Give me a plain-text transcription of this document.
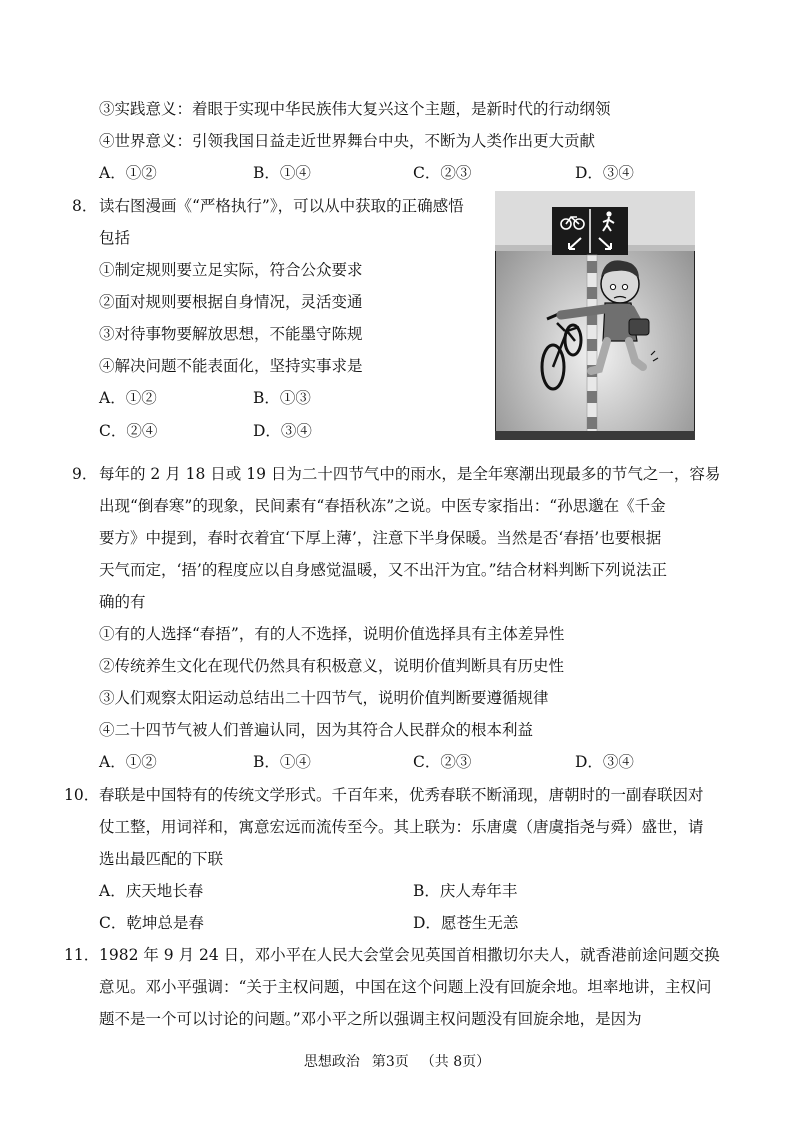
③实践意义：着眼于实现中华民族伟大复兴这个主题，是新时代的行动纲领
④世界意义：引领我国日益走近世界舞台中央，不断为人类作出更大贡献
A．①②	B．①④	C．②③	D．③④
8． 读右图漫画《“严格执行”》，可以从中获取的正确感悟
包括
①制定规则要立足实际，符合公众要求
②面对规则要根据自身情况，灵活变通
③对待事物要解放思想，不能墨守陈规
④解决问题不能表面化，坚持实事求是
A．①②	B．①③
C．②④	D．③④
9． 每年的 2 月 18 日或 19 日为二十四节气中的雨水，是全年寒潮出现最多的节气之一，容易
出现“倒春寒”的现象，民间素有“春捂秋冻”之说。中医专家指出：“孙思邈在《千金
要方》中提到，春时衣着宜‘下厚上薄’，注意下半身保暖。当然是否‘春捂’也要根据
天气而定，‘捂’的程度应以自身感觉温暖，又不出汗为宜。”结合材料判断下列说法正
确的有
①有的人选择“春捂”，有的人不选择，说明价值选择具有主体差异性
②传统养生文化在现代仍然具有积极意义，说明价值判断具有历史性
③人们观察太阳运动总结出二十四节气，说明价值判断要遵循规律
④二十四节气被人们普遍认同，因为其符合人民群众的根本利益
A．①②	B．①④	C．②③	D．③④
10． 春联是中国特有的传统文学形式。千百年来，优秀春联不断涌现，唐朝时的一副春联因对
仗工整，用词祥和，寓意宏远而流传至今。其上联为：乐唐虞（唐虞指尧与舜）盛世，请
选出最匹配的下联
A．庆天地长春	B．庆人寿年丰
C．乾坤总是春	D．愿苍生无恙
11． 1982 年 9 月 24 日，邓小平在人民大会堂会见英国首相撒切尔夫人，就香港前途问题交换
意见。邓小平强调：“关于主权问题，中国在这个问题上没有回旋余地。坦率地讲，主权问
题不是一个可以讨论的问题。”邓小平之所以强调主权问题没有回旋余地，是因为
思想政治 第3页 （共 8页）
